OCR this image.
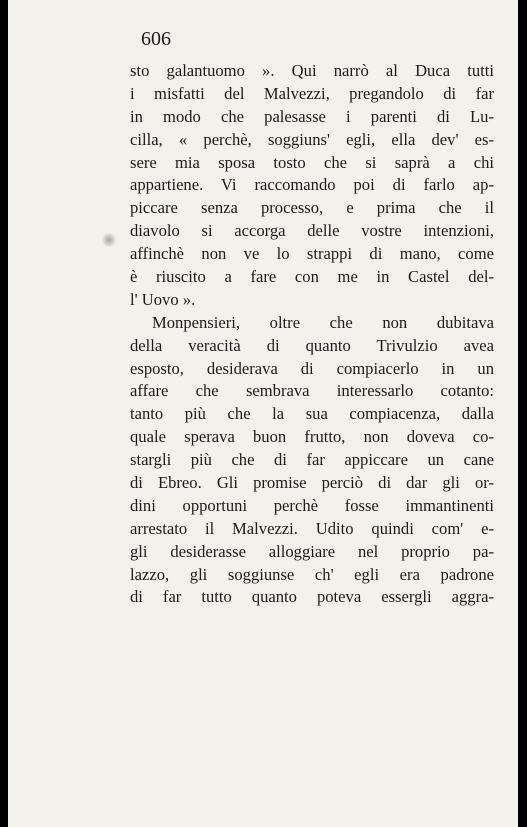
606
sto galantuomo ». Qui narrò al Duca tutti
i misfatti del Malvezzi, pregandolo di far
in modo che palesasse i parenti di Lu-
cilla, « perchè, soggiuns' egli, ella dev' es-
sere mia sposa tosto che si saprà a chi
appartiene. Vi raccomando poi di farlo ap-
piccare senza processo, e prima che il
diavolo si accorga delle vostre intenzioni,
affinchè non ve lo strappi di mano, come
è riuscito a fare con me in Castel del-
l' Uovo ».
Monpensieri, oltre che non dubitava
della veracità di quanto Trivulzio avea
esposto, desiderava di compiacerlo in un
affare che sembrava interessarlo cotanto:
tanto più che la sua compiacenza, dalla
quale sperava buon frutto, non doveva co-
stargli più che di far appiccare un cane
di Ebreo. Gli promise perciò di dar gli or-
dini opportuni perchè fosse immantinenti
arrestato il Malvezzi. Udito quindi com' e-
gli desiderasse alloggiare nel proprio pa-
lazzo, gli soggiunse ch' egli era padrone
di far tutto quanto poteva essergli aggra-
